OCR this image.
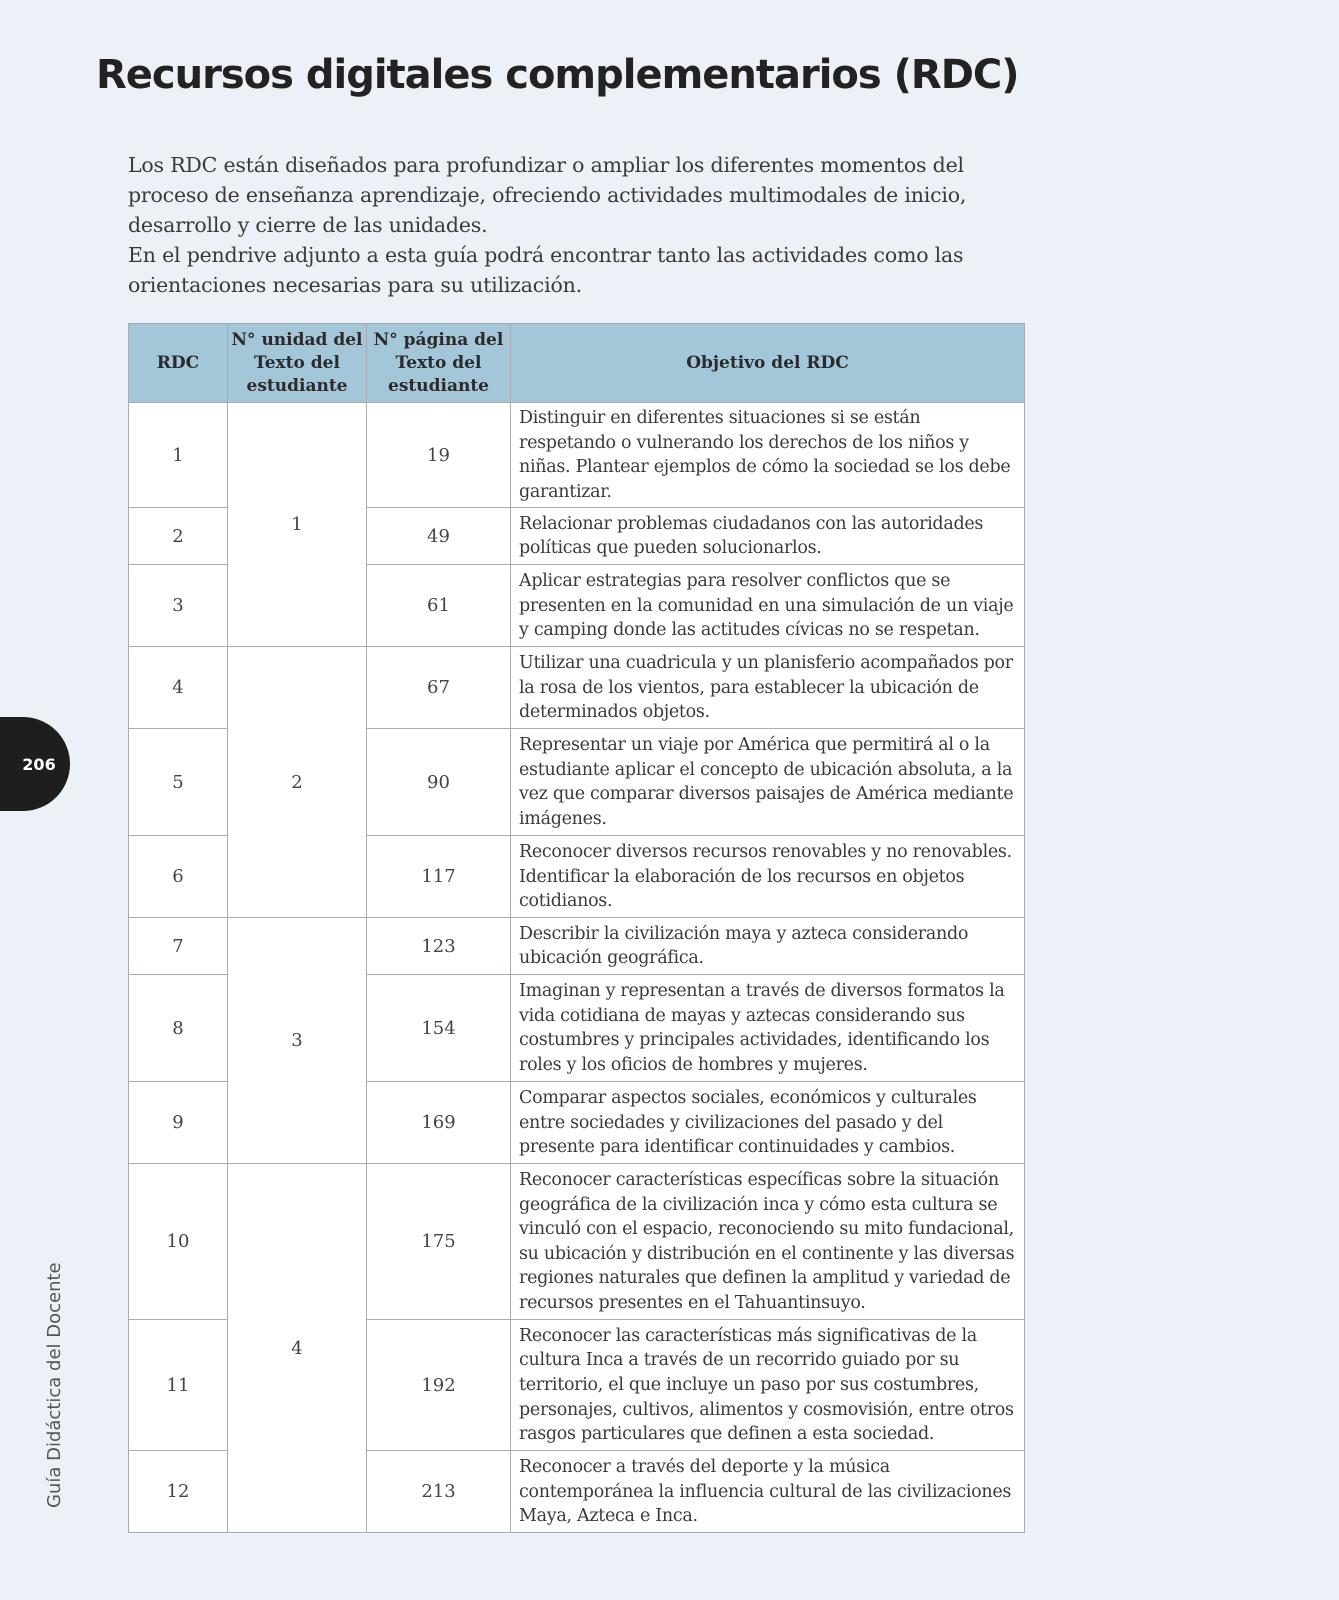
Recursos digitales complementarios (RDC)

Los RDC están diseñados para profundizar o ampliar los diferentes momentos del proceso de enseñanza aprendizaje, ofreciendo actividades multimodales de inicio, desarrollo y cierre de las unidades.

En el pendrive adjunto a esta guía podrá encontrar tanto las actividades como las orientaciones necesarias para su utilización.

RDC	N° unidad del Texto del estudiante	N° página del Texto del estudiante	Objetivo del RDC
1	1	19	Distinguir en diferentes situaciones si se están respetando o vulnerando los derechos de los niños y niñas. Plantear ejemplos de cómo la sociedad se los debe garantizar.
2		49	Relacionar problemas ciudadanos con las autoridades políticas que pueden solucionarlos.
3		61	Aplicar estrategias para resolver conflictos que se presenten en la comunidad en una simulación de un viaje y camping donde las actitudes cívicas no se respetan.
4	2	67	Utilizar una cuadricula y un planisferio acompañados por la rosa de los vientos, para establecer la ubicación de determinados objetos.
5		90	Representar un viaje por América que permitirá al o la estudiante aplicar el concepto de ubicación absoluta, a la vez que comparar diversos paisajes de América mediante imágenes.
6		117	Reconocer diversos recursos renovables y no renovables. Identificar la elaboración de los recursos en objetos cotidianos.
7	3	123	Describir la civilización maya y azteca considerando ubicación geográfica.
8		154	Imaginan y representan a través de diversos formatos la vida cotidiana de mayas y aztecas considerando sus costumbres y principales actividades, identificando los roles y los oficios de hombres y mujeres.
9		169	Comparar aspectos sociales, económicos y culturales entre sociedades y civilizaciones del pasado y del presente para identificar continuidades y cambios.
10	4	175	Reconocer características específicas sobre la situación geográfica de la civilización inca y cómo esta cultura se vinculó con el espacio, reconociendo su mito fundacional, su ubicación y distribución en el continente y las diversas regiones naturales que definen la amplitud y variedad de recursos presentes en el Tahuantinsuyo.
11		192	Reconocer las características más significativas de la cultura Inca a través de un recorrido guiado por su territorio, el que incluye un paso por sus costumbres, personajes, cultivos, alimentos y cosmovisión, entre otros rasgos particulares que definen a esta sociedad.
12		213	Reconocer a través del deporte y la música contemporánea la influencia cultural de las civilizaciones Maya, Azteca e Inca.
206
Guía Didáctica del Docente
